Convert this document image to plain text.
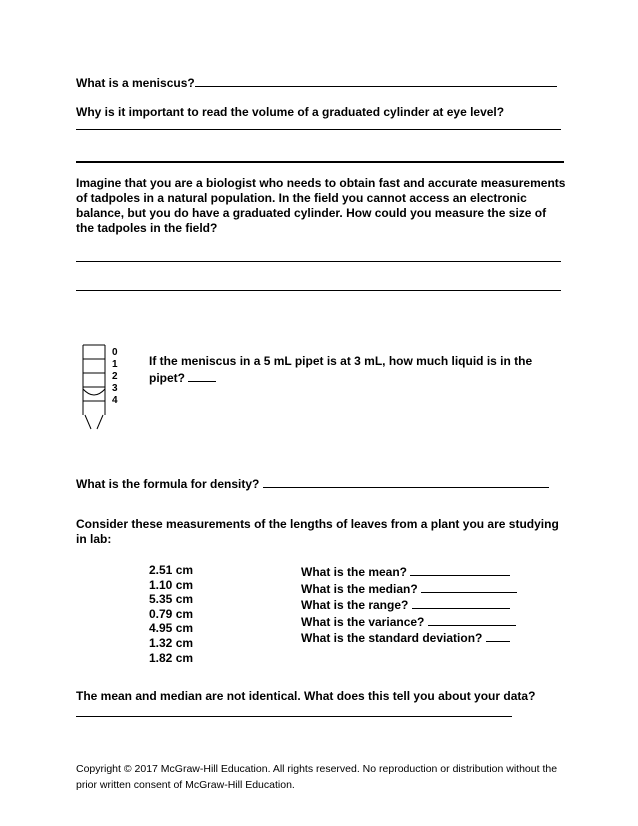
What is a meniscus?
Why is it important to read the volume of a graduated cylinder at eye level?
Imagine that you are a biologist who needs to obtain fast and accurate measurements of tadpoles in a natural population. In the field you cannot access an electronic balance, but you do have a graduated cylinder. How could you measure the size of the tadpoles in the field?
0
1
2
3
4
If the meniscus in a 5 mL pipet is at 3 mL, how much liquid is in the pipet?
What is the formula for density?
Consider these measurements of the lengths of leaves from a plant you are studying in lab:
2.51 cm
1.10 cm
5.35 cm
0.79 cm
4.95 cm
1.32 cm
1.82 cm
What is the mean?
What is the median?
What is the range?
What is the variance?
What is the standard deviation?
The mean and median are not identical. What does this tell you about your data?
Copyright © 2017 McGraw-Hill Education. All rights reserved. No reproduction or distribution without the prior written consent of McGraw-Hill Education.
